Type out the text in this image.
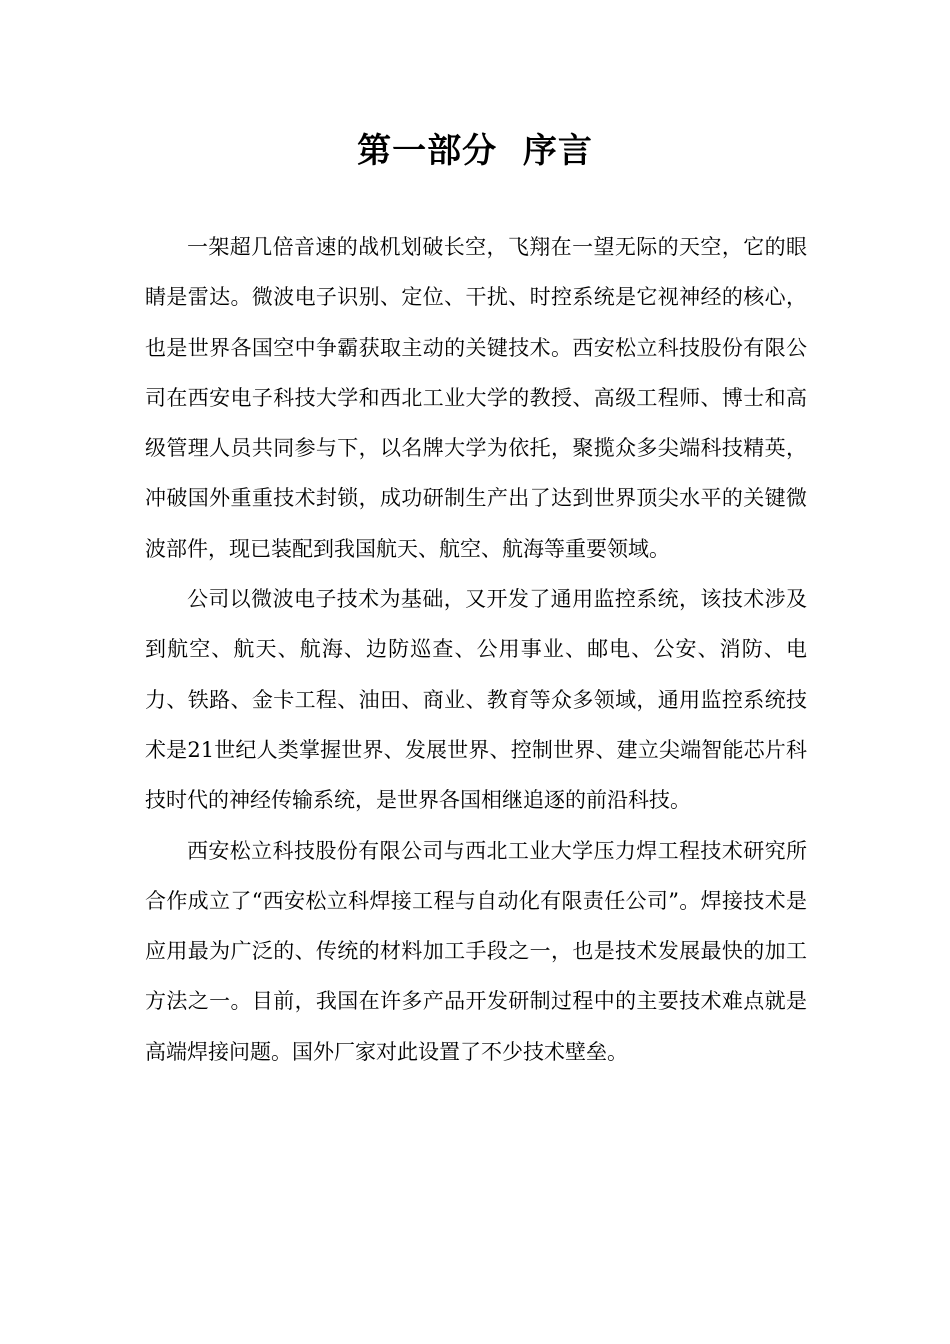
第一部分  序言

一架超几倍音速的战机划破长空，飞翔在一望无际的天空，它的眼睛是雷达。微波电子识别、定位、干扰、时控系统是它视神经的核心，也是世界各国空中争霸获取主动的关键技术。西安松立科技股份有限公司在西安电子科技大学和西北工业大学的教授、高级工程师、博士和高级管理人员共同参与下，以名牌大学为依托，聚揽众多尖端科技精英，冲破国外重重技术封锁，成功研制生产出了达到世界顶尖水平的关键微波部件，现已装配到我国航天、航空、航海等重要领域。

公司以微波电子技术为基础，又开发了通用监控系统，该技术涉及到航空、航天、航海、边防巡查、公用事业、邮电、公安、消防、电力、铁路、金卡工程、油田、商业、教育等众多领域，通用监控系统技术是21世纪人类掌握世界、发展世界、控制世界、建立尖端智能芯片科技时代的神经传输系统，是世界各国相继追逐的前沿科技。

西安松立科技股份有限公司与西北工业大学压力焊工程技术研究所合作成立了“西安松立科焊接工程与自动化有限责任公司”。焊接技术是应用最为广泛的、传统的材料加工手段之一，也是技术发展最快的加工方法之一。目前，我国在许多产品开发研制过程中的主要技术难点就是高端焊接问题。国外厂家对此设置了不少技术壁垒。
